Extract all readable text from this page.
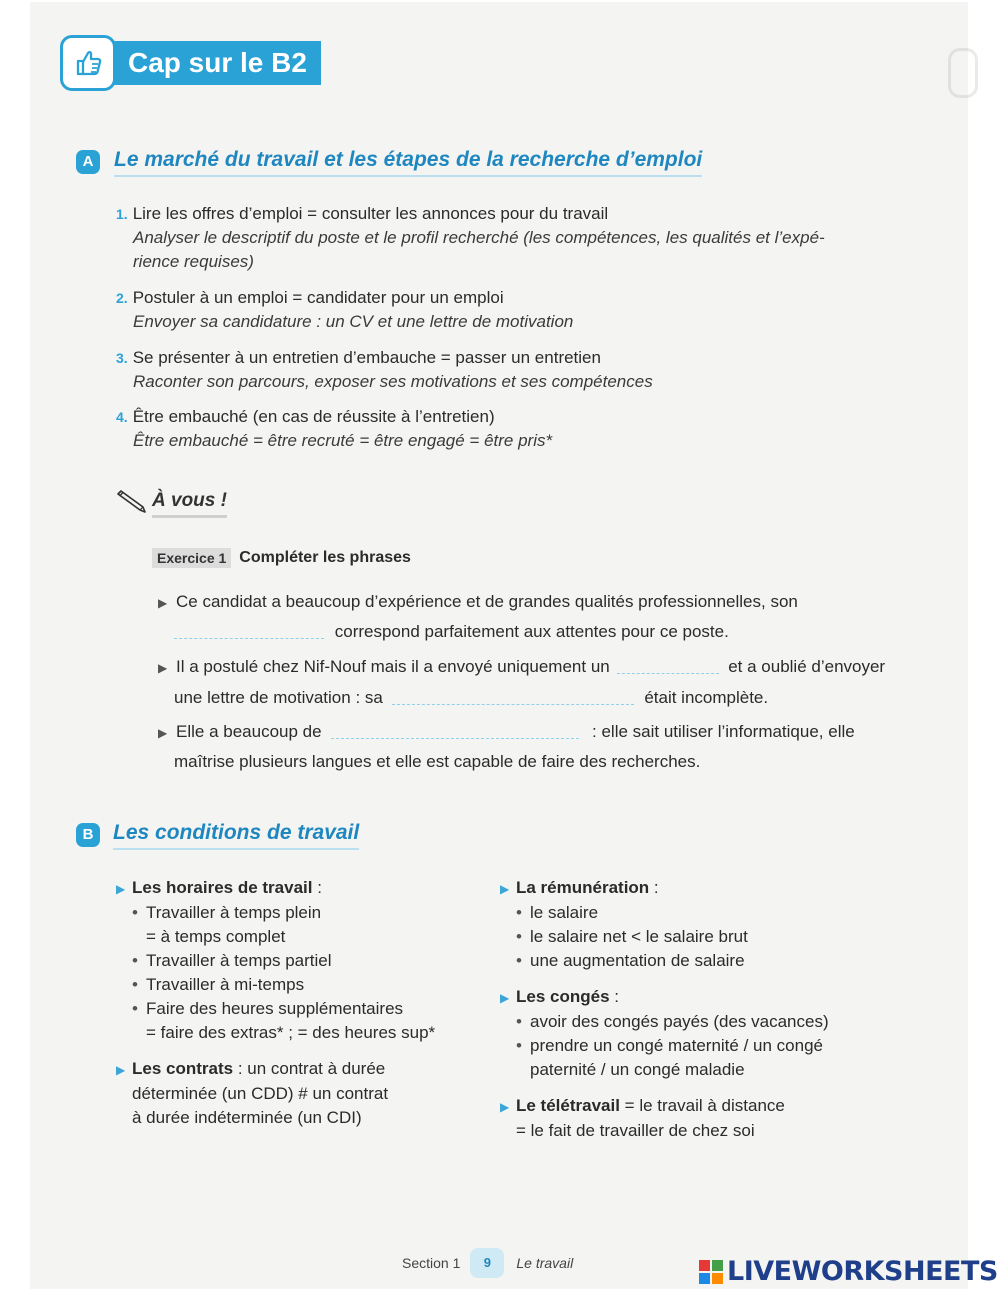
Cap sur le B2
A Le marché du travail et les étapes de la recherche d’emploi
1. Lire les offres d’emploi = consulter les annonces pour du travail
Analyser le descriptif du poste et le profil recherché (les compétences, les qualités et l’expé-
rience requises)
2. Postuler à un emploi = candidater pour un emploi
Envoyer sa candidature : un CV et une lettre de motivation
3. Se présenter à un entretien d’embauche = passer un entretien
Raconter son parcours, exposer ses motivations et ses compétences
4. Être embauché (en cas de réussite à l’entretien)
Être embauché = être recruté = être engagé = être pris*
À vous !
Exercice 1 Compléter les phrases
▶ Ce candidat a beaucoup d’expérience et de grandes qualités professionnelles, son
correspond parfaitement aux attentes pour ce poste.
▶ Il a postulé chez Nif-Nouf mais il a envoyé uniquement un	et a oublié d’envoyer
une lettre de motivation : sa	était incomplète.
▶ Elle a beaucoup de	: elle sait utiliser l’informatique, elle
maîtrise plusieurs langues et elle est capable de faire des recherches.
B Les conditions de travail
▶ Les horaires de travail :
• Travailler à temps plein
= à temps complet
• Travailler à temps partiel
• Travailler à mi-temps
• Faire des heures supplémentaires
= faire des extras* ; = des heures sup*
▶ Les contrats : un contrat à durée
déterminée (un CDD) # un contrat
à durée indéterminée (un CDI)
▶ La rémunération :
• le salaire
• le salaire net < le salaire brut
• une augmentation de salaire
▶ Les congés :
• avoir des congés payés (des vacances)
• prendre un congé maternité / un congé
paternité / un congé maladie
▶ Le télétravail = le travail à distance
= le fait de travailler de chez soi
Section 1	9	Le travail	LIVEWORKSHEETS
